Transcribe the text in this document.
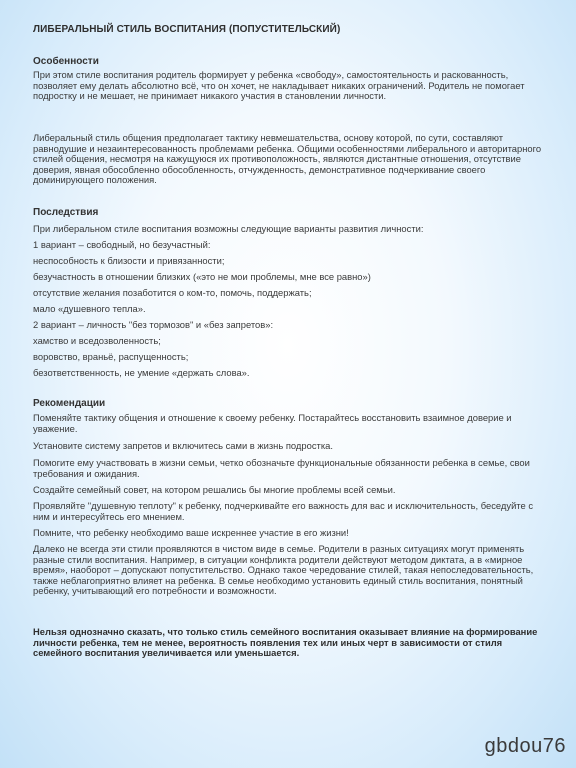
ЛИБЕРАЛЬНЫЙ СТИЛЬ ВОСПИТАНИЯ (ПОПУСТИТЕЛЬСКИЙ)
Особенности
При этом стиле воспитания родитель формирует у ребенка «свободу», самостоятельность и раскованность, позволяет ему делать абсолютно всё, что он хочет, не накладывает никаких ограничений. Родитель не помогает подростку и не мешает, не принимает никакого участия в становлении личности.
Либеральный стиль общения предполагает тактику невмешательства, основу которой, по сути, составляют равнодушие и незаинтересованность проблемами ребенка. Общими особенностями либерального и авторитарного стилей общения, несмотря на кажущуюся их противоположность, являются дистантные отношения, отсутствие доверия, явная обособленно обособленность, отчужденность, демонстративное подчеркивание своего доминирующего положения.
Последствия
При либеральном стиле воспитания возможны следующие варианты развития личности:
1 вариант – свободный, но безучастный:
неспособность к близости и привязанности;
безучастность в отношении близких («это не мои проблемы, мне все равно»)
отсутствие желания позаботится о ком-то, помочь, поддержать;
мало «душевного тепла».
2 вариант – личность "без тормозов" и «без запретов»:
хамство и вседозволенность;
воровство, враньё, распущенность;
безответственность, не умение «держать слова».
Рекомендации
Поменяйте тактику общения и отношение к своему ребенку. Постарайтесь восстановить взаимное доверие и уважение.
Установите систему запретов и включитесь сами в жизнь подростка.
Помогите ему участвовать в жизни семьи, четко обозначьте функциональные обязанности ребенка в семье, свои требования и ожидания.
Создайте семейный совет, на котором решались бы многие проблемы всей семьи.
Проявляйте "душевную теплоту" к ребенку, подчеркивайте его важность для вас и исключительность, беседуйте с ним и интересуйтесь его мнением.
Помните, что ребенку необходимо ваше искреннее участие в его жизни!
Далеко не всегда эти стили проявляются в чистом виде в семье. Родители в разных ситуациях могут применять разные стили воспитания. Например, в ситуации конфликта родители действуют методом диктата, а в «мирное время», наоборот – допускают попустительство. Однако такое чередование стилей, такая непоследовательность, также неблагоприятно влияет на ребенка. В семье необходимо установить единый стиль воспитания, понятный ребенку, учитывающий его потребности и возможности.
Нельзя однозначно сказать, что только стиль семейного воспитания оказывает влияние на формирование личности ребенка, тем не менее, вероятность появления тех или иных черт в зависимости от стиля семейного воспитания увеличивается или уменьшается.
gbdou76
